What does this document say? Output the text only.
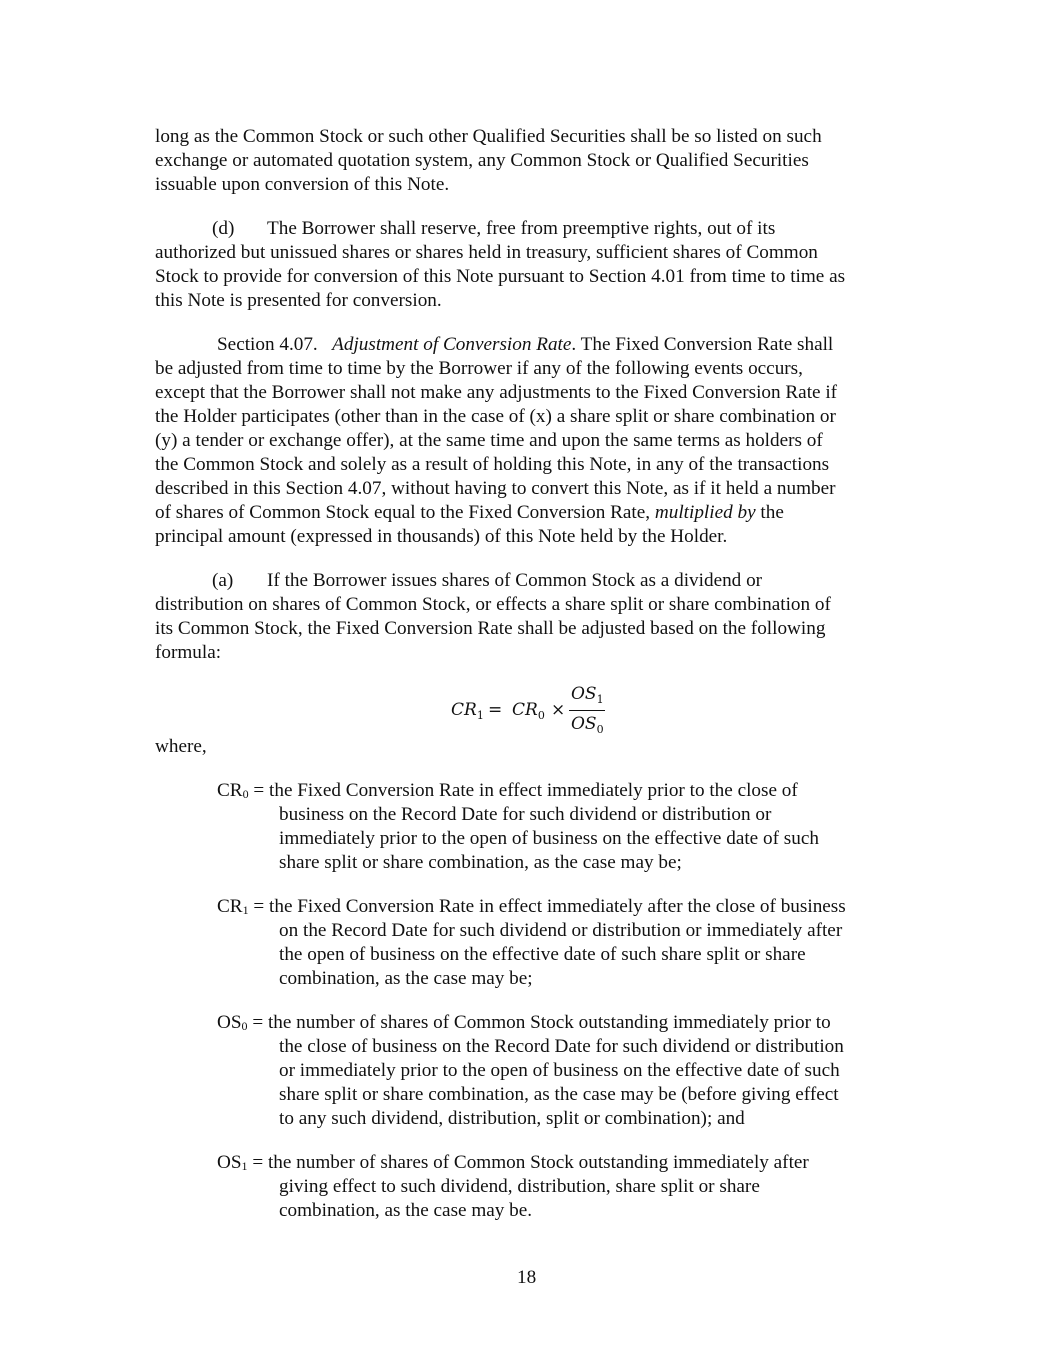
long as the Common Stock or such other Qualified Securities shall be so listed on such
exchange or automated quotation system, any Common Stock or Qualified Securities
issuable upon conversion of this Note.
(d) The Borrower shall reserve, free from preemptive rights, out of its
authorized but unissued shares or shares held in treasury, sufficient shares of Common
Stock to provide for conversion of this Note pursuant to Section 4.01 from time to time as
this Note is presented for conversion.
Section 4.07. Adjustment of Conversion Rate. The Fixed Conversion Rate shall
be adjusted from time to time by the Borrower if any of the following events occurs,
except that the Borrower shall not make any adjustments to the Fixed Conversion Rate if
the Holder participates (other than in the case of (x) a share split or share combination or
(y) a tender or exchange offer), at the same time and upon the same terms as holders of
the Common Stock and solely as a result of holding this Note, in any of the transactions
described in this Section 4.07, without having to convert this Note, as if it held a number
of shares of Common Stock equal to the Fixed Conversion Rate, multiplied by the
principal amount (expressed in thousands) of this Note held by the Holder.
(a) If the Borrower issues shares of Common Stock as a dividend or
distribution on shares of Common Stock, or effects a share split or share combination of
its Common Stock, the Fixed Conversion Rate shall be adjusted based on the following
formula:
$CR_1 = CR_0$ ×
$OS_1$
$OS_0$
where,
CR0 = the Fixed Conversion Rate in effect immediately prior to the close of
business on the Record Date for such dividend or distribution or
immediately prior to the open of business on the effective date of such
share split or share combination, as the case may be;
CR1 = the Fixed Conversion Rate in effect immediately after the close of business
on the Record Date for such dividend or distribution or immediately after
the open of business on the effective date of such share split or share
combination, as the case may be;
OS0 = the number of shares of Common Stock outstanding immediately prior to
the close of business on the Record Date for such dividend or distribution
or immediately prior to the open of business on the effective date of such
share split or share combination, as the case may be (before giving effect
to any such dividend, distribution, split or combination); and
OS1 = the number of shares of Common Stock outstanding immediately after
giving effect to such dividend, distribution, share split or share
combination, as the case may be.
18
